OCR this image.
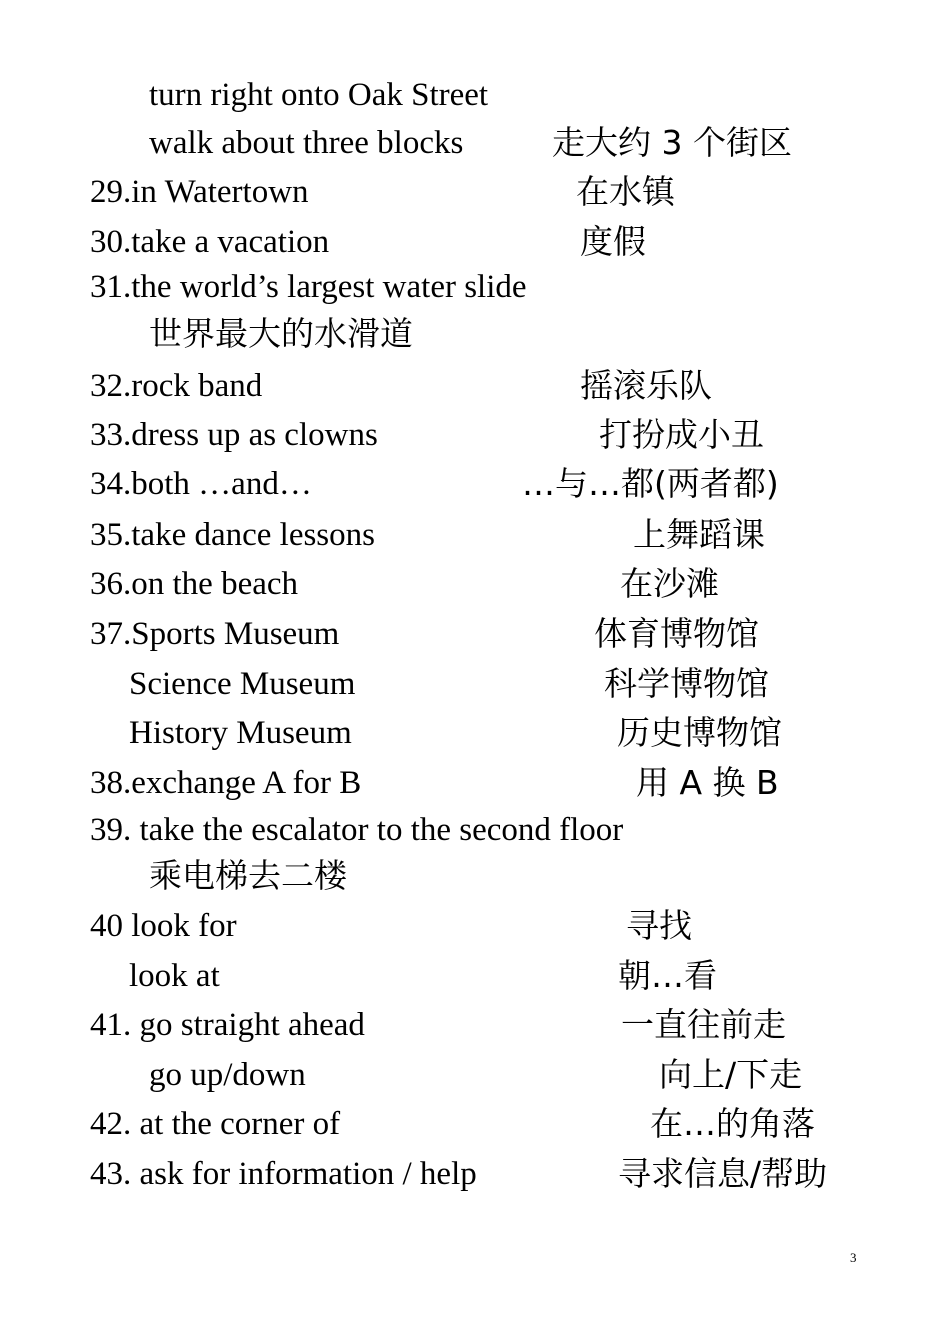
turn right onto Oak Street
walk about three blocks	走大约 3 个街区
29.in Watertown	在水镇
30.take a vacation	度假
31.the world’s largest water slide
世界最大的水滑道
32.rock band	摇滚乐队
33.dress up as clowns	打扮成小丑
34.both …and…	…与…都(两者都)
35.take dance lessons	上舞蹈课
36.on the beach	在沙滩
37.Sports Museum	体育博物馆
Science Museum	科学博物馆
History Museum	历史博物馆
38.exchange A for B	用 A 换 B
39. take the escalator to the second floor
乘电梯去二楼
40 look for	寻找
look at	朝…看
41. go straight ahead	一直往前走
go up/down	向上/下走
42. at the corner of	在…的角落
43. ask for information / help	寻求信息/帮助
3
